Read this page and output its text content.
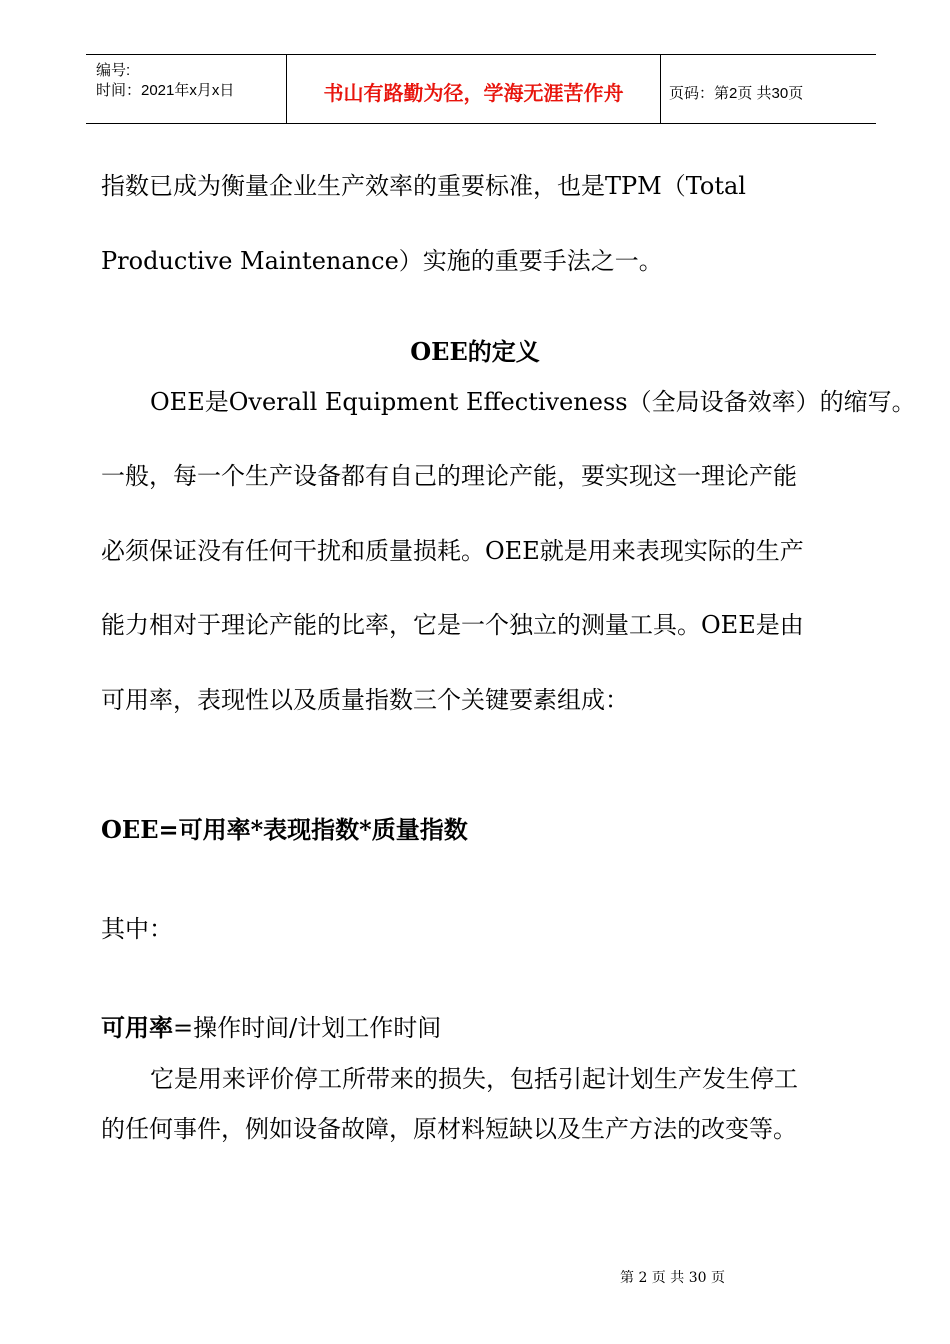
编号:
时间：2021年x月x日	书山有路勤为径，学海无涯苦作舟	页码：第2页 共30页
指数已成为衡量企业生产效率的重要标准，也是TPM（Total
Productive Maintenance）实施的重要手法之一。
OEE的定义
OEE是Overall Equipment Effectiveness（全局设备效率）的缩写。
一般，每一个生产设备都有自己的理论产能，要实现这一理论产能
必须保证没有任何干扰和质量损耗。OEE就是用来表现实际的生产
能力相对于理论产能的比率，它是一个独立的测量工具。OEE是由
可用率，表现性以及质量指数三个关键要素组成：
OEE=可用率*表现指数*质量指数
其中：
可用率=操作时间/计划工作时间
它是用来评价停工所带来的损失，包括引起计划生产发生停工
的任何事件，例如设备故障，原材料短缺以及生产方法的改变等。
第 2 页 共 30 页
